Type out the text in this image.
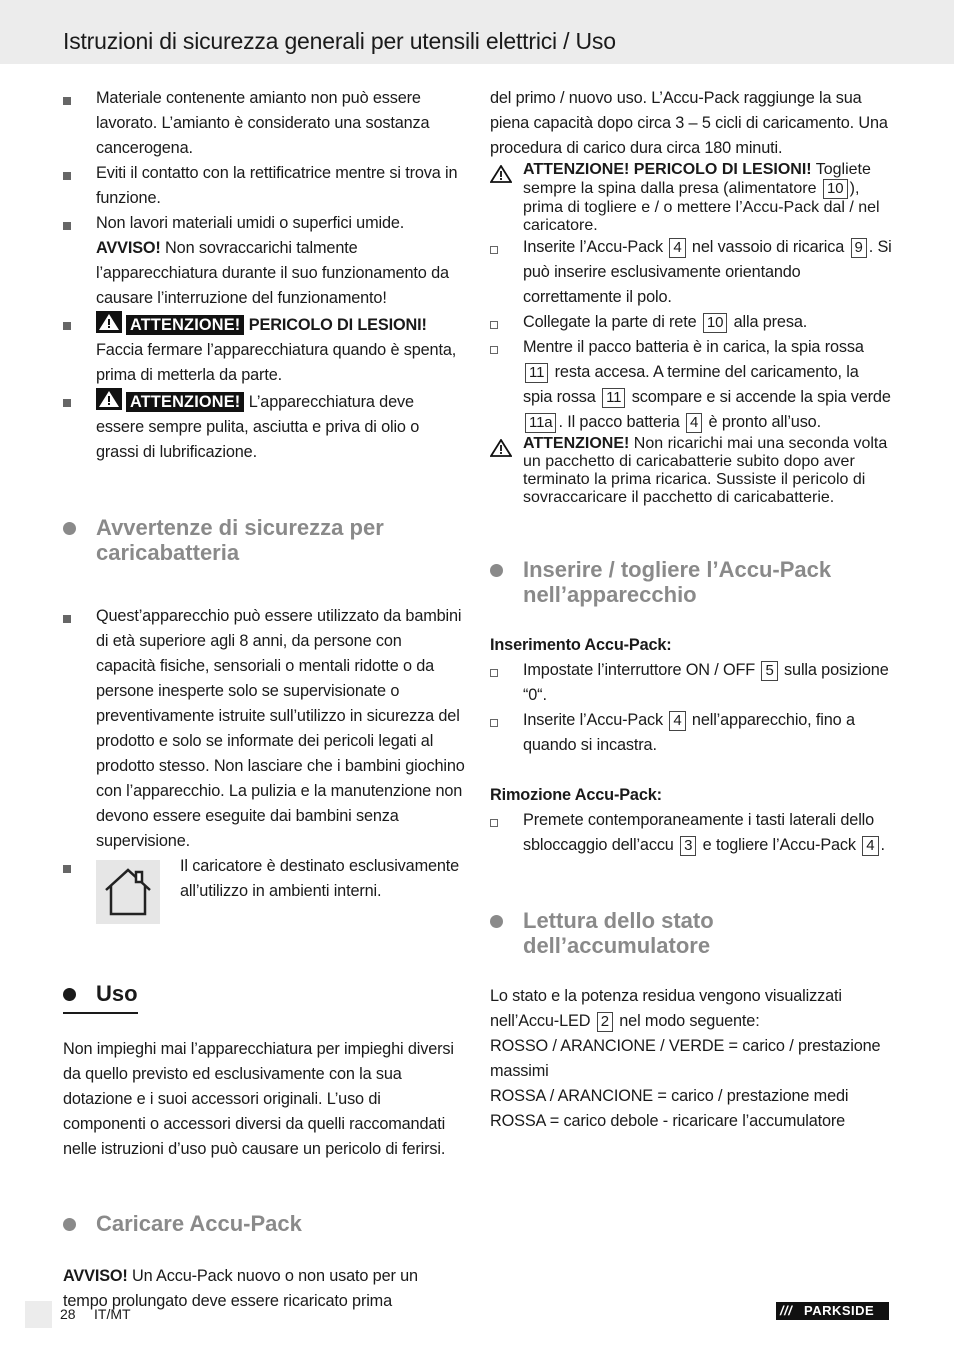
Istruzioni di sicurezza generali per utensili elettrici / Uso
Materiale contenente amianto non può essere lavorato. L’amianto è considerato una sostanza cancerogena.
Eviti il contatto con la rettificatrice mentre si trova in funzione.
Non lavori materiali umidi o superfici umide.
AVVISO! Non sovraccarichi talmente l’apparecchiatura durante il suo funzionamento da causare l’interruzione del funzionamento!
ATTENZIONE! PERICOLO DI LESIONI! Faccia fermare l’apparecchiatura quando è spenta, prima di metterla da parte.
ATTENZIONE! L’apparecchiatura deve essere sempre pulita, asciutta e priva di olio o grassi di lubrificazione.
Avvertenze di sicurezza per caricabatteria
Quest’apparecchio può essere utilizzato da bambini di età superiore agli 8 anni, da persone con capacità fisiche, sensoriali o mentali ridotte o da persone inesperte solo se supervisionate o preventivamente istruite sull’utilizzo in sicurezza del prodotto e solo se informate dei pericoli legati al prodotto stesso. Non lasciare che i bambini giochino con l’apparecchio. La pulizia e la manutenzione non devono essere eseguite dai bambini senza supervisione.
Il caricatore è destinato esclusivamente all’utilizzo in ambienti interni.
Uso

Non impieghi mai l’apparecchiatura per impieghi diversi da quello previsto ed esclusivamente con la sua dotazione e i suoi accessori originali. L’uso di componenti o accessori diversi da quelli raccomandati nelle istruzioni d’uso può causare un pericolo di ferirsi.

Caricare Accu-Pack

AVVISO! Un Accu-Pack nuovo o non usato per un tempo prolungato deve essere ricaricato prima

del primo / nuovo uso. L’Accu-Pack raggiunge la sua piena capacità dopo circa 3 – 5 cicli di caricamento. Una procedura di carico dura circa 180 minuti.

ATTENZIONE! PERICOLO DI LESIONI! Togliete sempre la spina dalla presa (alimentatore 10 ), prima di togliere e / o mettere l’Accu-Pack dal / nel caricatore.
Inserite l’Accu-Pack 4 nel vassoio di ricarica 9 . Si può inserire esclusivamente orientando correttamente il polo.
Collegate la parte di rete 10 alla presa.
Mentre il pacco batteria è in carica, la spia rossa 11 resta accesa. A termine del caricamento, la spia rossa 11 scompare e si accende la spia verde 11a . Il pacco batteria 4 è pronto all’uso.
ATTENZIONE! Non ricarichi mai una seconda volta un pacchetto di caricabatterie subito dopo aver terminato la prima ricarica. Sussiste il pericolo di sovraccaricare il pacchetto di caricabatterie.
Inserire / togliere l’Accu-Pack nell’apparecchio

Inserimento Accu-Pack:

Impostate l’interruttore ON / OFF 5 sulla posizione “0“.
Inserite l’Accu-Pack 4 nell’apparecchio, fino a quando si incastra.

Rimozione Accu-Pack:

Premete contemporaneamente i tasti laterali dello sbloccaggio dell’accu 3 e togliere l’Accu-Pack 4 .
Lettura dello stato dell’accumulatore

Lo stato e la potenza residua vengono visualizzati nell’Accu-LED 2 nel modo seguente:

ROSSO / ARANCIONE / VERDE = carico / prestazione massimi

ROSSA / ARANCIONE = carico / prestazione medi

ROSSA = carico debole - ricaricare l’accumulatore

28 IT/MT	/// PARKSIDE
